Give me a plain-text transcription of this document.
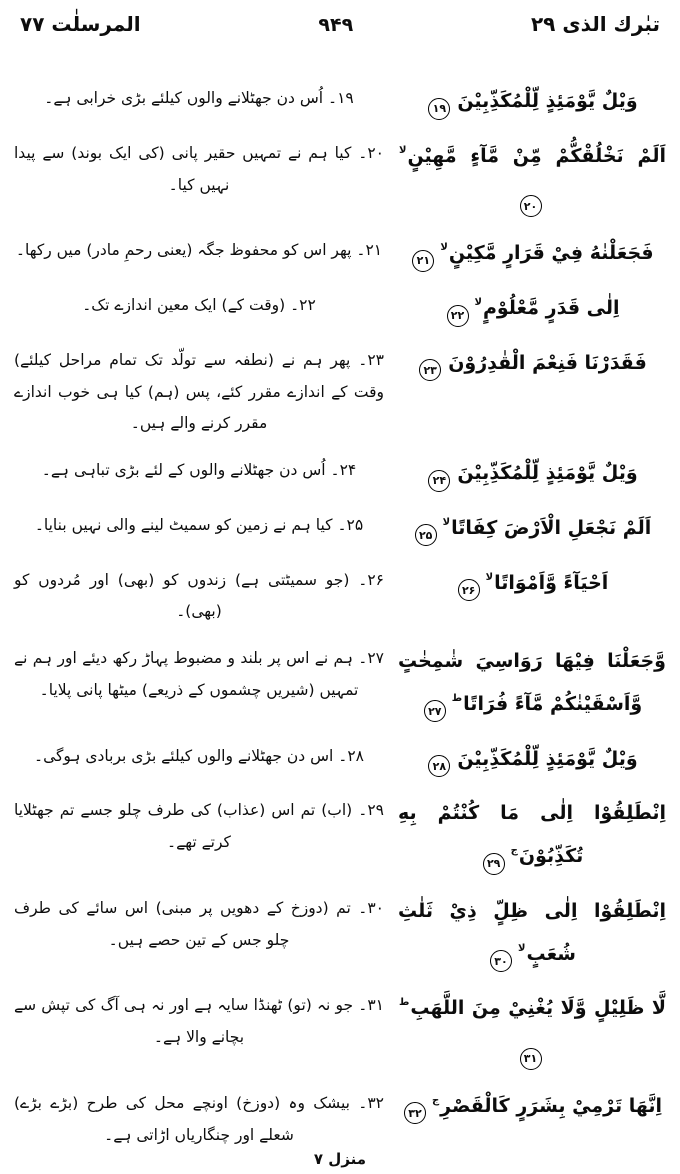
تبٰرك الذی ۲۹
۹۴۹
المرسلٰت ۷۷
وَيْلٌ يَّوْمَئِذٍ لِّلْمُكَذِّبِيْنَ۱۹
۱۹۔ اُس دن جھٹلانے والوں کیلئے بڑی خرابی ہے۔
اَلَمْ نَخْلُقْكُّمْ مِّنْ مَّآءٍ مَّهِيْنٍلا۲۰
۲۰۔ کیا ہم نے تمہیں حقیر پانی (کی ایک بوند) سے پیدا نہیں کیا۔
فَجَعَلْنٰهُ فِيْ قَرَارٍ مَّكِيْنٍلا۲۱
۲۱۔ پھر اس کو محفوظ جگہ (یعنی رحمِ مادر) میں رکھا۔
اِلٰى قَدَرٍ مَّعْلُوْمٍلا۲۲
۲۲۔ (وقت کے) ایک معین اندازے تک۔
فَقَدَرْنَا فَنِعْمَ الْقٰدِرُوْنَ۲۳
۲۳۔ پھر ہم نے (نطفہ سے تولّد تک تمام مراحل کیلئے) وقت کے اندازے مقرر کئے، پس (ہم) کیا ہی خوب اندازے مقرر کرنے والے ہیں۔
وَيْلٌ يَّوْمَئِذٍ لِّلْمُكَذِّبِيْنَ۲۴
۲۴۔ اُس دن جھٹلانے والوں کے لئے بڑی تباہی ہے۔
اَلَمْ نَجْعَلِ الْاَرْضَ كِفَاتًالا۲۵
۲۵۔ کیا ہم نے زمین کو سمیٹ لینے والی نہیں بنایا۔
اَحْيَآءً وَّاَمْوَاتًالا۲۶
۲۶۔ (جو سمیٹتی ہے) زندوں کو (بھی) اور مُردوں کو (بھی)۔
وَّجَعَلْنَا فِيْهَا رَوَاسِيَ شٰمِخٰتٍ وَّاَسْقَيْنٰكُمْ مَّآءً فُرَاتًاط۲۷
۲۷۔ ہم نے اس پر بلند و مضبوط پہاڑ رکھ دیئے اور ہم نے تمہیں (شیریں چشموں کے ذریعے) میٹھا پانی پلایا۔
وَيْلٌ يَّوْمَئِذٍ لِّلْمُكَذِّبِيْنَ۲۸
۲۸۔ اس دن جھٹلانے والوں کیلئے بڑی بربادی ہوگی۔
اِنْطَلِقُوْا اِلٰى مَا كُنْتُمْ بِهِ تُكَذِّبُوْنَج۲۹
۲۹۔ (اب) تم اس (عذاب) کی طرف چلو جسے تم جھٹلایا کرتے تھے۔
اِنْطَلِقُوْا اِلٰى ظِلٍّ ذِيْ ثَلٰثِ شُعَبٍلا۳۰
۳۰۔ تم (دوزخ کے دھویں پر مبنی) اس سائے کی طرف چلو جس کے تین حصے ہیں۔
لَّا ظَلِيْلٍ وَّلَا يُغْنِيْ مِنَ اللَّهَبِط۳۱
۳۱۔ جو نہ (تو) ٹھنڈا سایہ ہے اور نہ ہی آگ کی تپش سے بچانے والا ہے۔
اِنَّهَا تَرْمِيْ بِشَرَرٍ كَالْقَصْرِج۳۲
۳۲۔ بیشک وہ (دوزخ) اونچے محل کی طرح (بڑے بڑے) شعلے اور چنگاریاں اڑاتی ہے۔
منزل ۷
